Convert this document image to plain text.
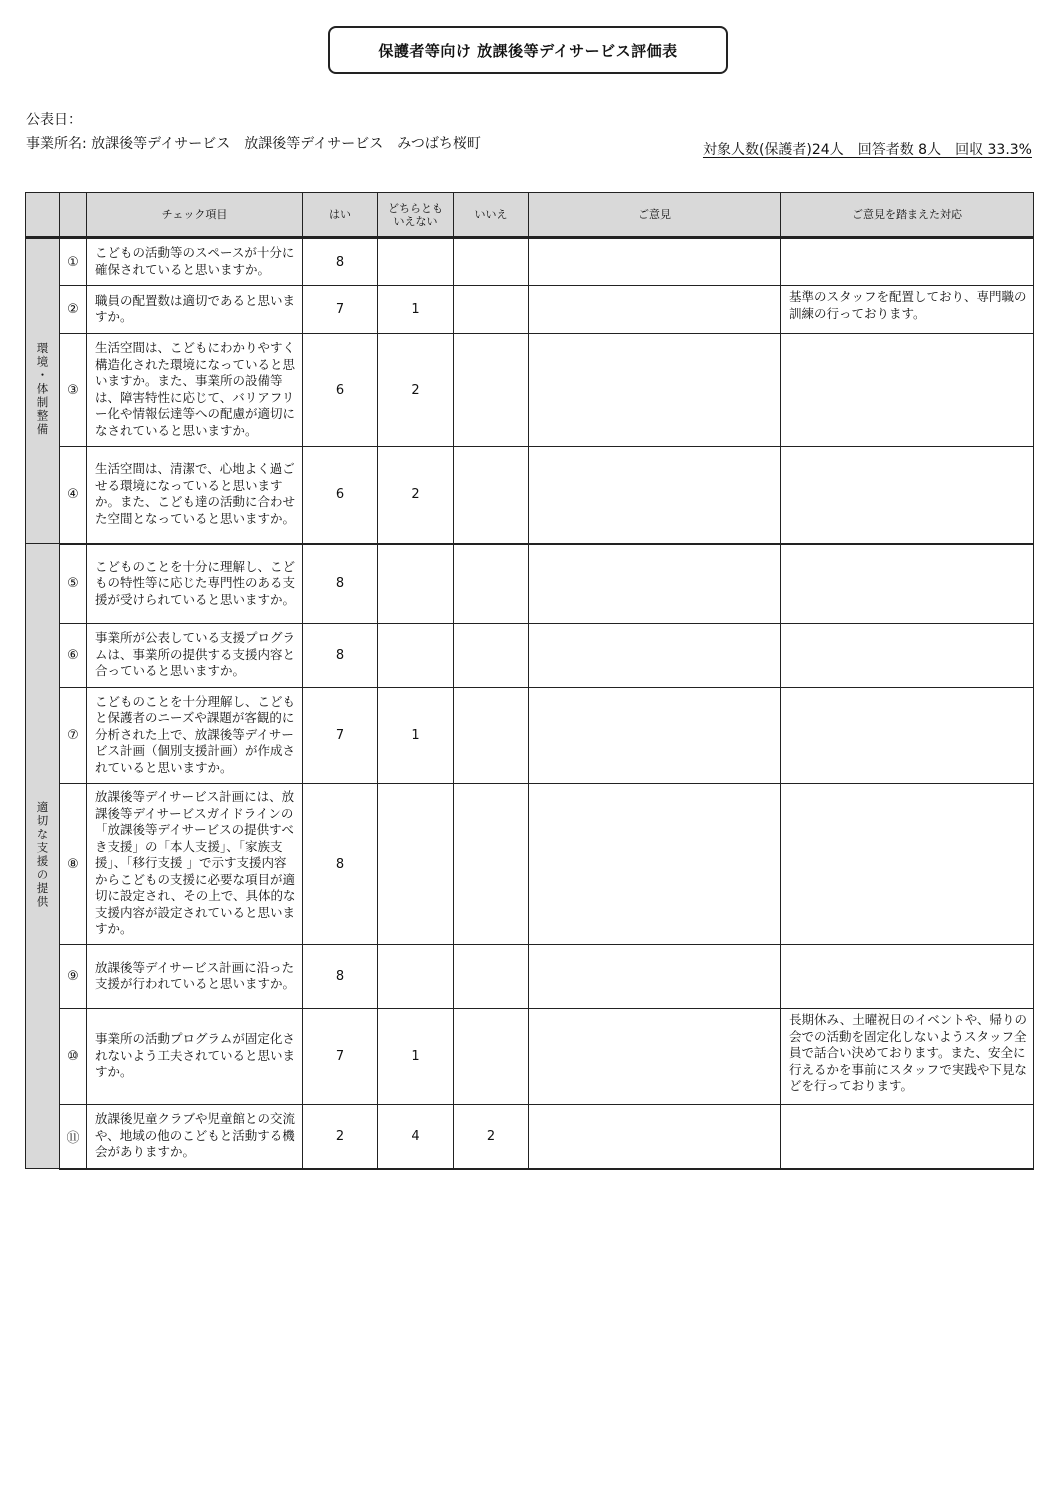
保護者等向け 放課後等デイサービス評価表
公表日：
事業所名: 放課後等デイサービス　放課後等デイサービス　みつばち桜町	対象人数(保護者)24人　回答者数 8人　回収 33.3%
		チェック項目	はい	どちらとも
いえない	いいえ	ご意見	ご意見を踏まえた対応
環境・体制整備	①	こどもの活動等のスペースが十分に確保されていると思いますか。	8				
	②	職員の配置数は適切であると思いますか。	7	1			基準のスタッフを配置しており、専門職の訓練の行っております。
	③	生活空間は、こどもにわかりやすく構造化された環境になっていると思いますか。また、事業所の設備等は、障害特性に応じて、バリアフリー化や情報伝達等への配慮が適切になされていると思いますか。	6	2			
	④	生活空間は、清潔で、心地よく過ごせる環境になっていると思いますか。また、こども達の活動に合わせた空間となっていると思いますか。	6	2			
適切な支援の提供	⑤	こどものことを十分に理解し、こどもの特性等に応じた専門性のある支援が受けられていると思いますか。	8				
	⑥	事業所が公表している支援プログラムは、事業所の提供する支援内容と合っていると思いますか。	8				
	⑦	こどものことを十分理解し、こどもと保護者のニーズや課題が客観的に分析された上で、放課後等デイサービス計画（個別支援計画）が作成されていると思いますか。	7	1			
	⑧	放課後等デイサービス計画には、放課後等デイサービスガイドラインの「放課後等デイサービスの提供すべき支援」の「本人支援」、「家族支援」、「移行支援 」で示す支援内容からこどもの支援に必要な項目が適切に設定され、その上で、具体的な支援内容が設定されていると思いますか。	8				
	⑨	放課後等デイサービス計画に沿った支援が行われていると思いますか。	8				
	⑩	事業所の活動プログラムが固定化されないよう工夫されていると思いますか。	7	1			長期休み、土曜祝日のイベントや、帰りの会での活動を固定化しないようスタッフ全員で話合い決めております。また、安全に行えるかを事前にスタッフで実践や下見などを行っております。
	⑪	放課後児童クラブや児童館との交流や、地域の他のこどもと活動する機会がありますか。	2	4	2		
